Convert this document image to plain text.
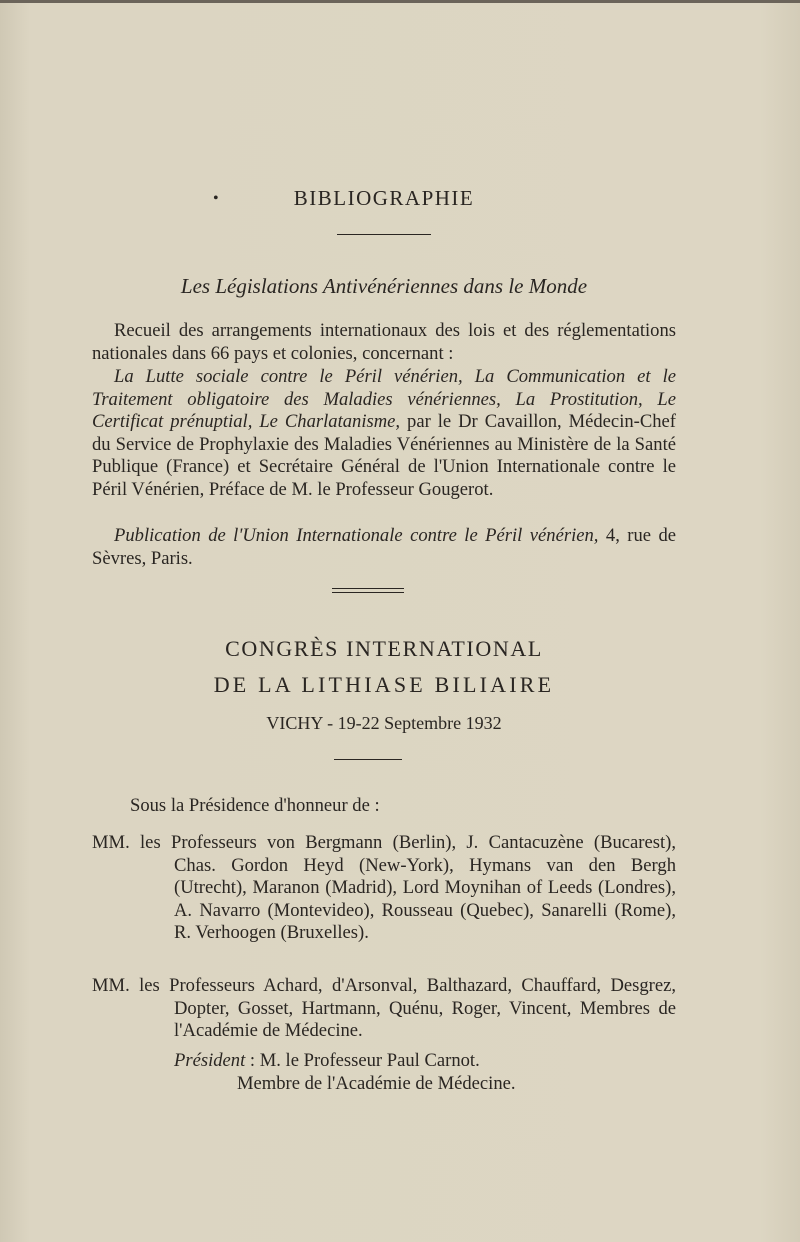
•	BIBLIOGRAPHIE
Les Législations Antivénériennes dans le Monde
Recueil des arrangements internationaux des lois et des réglementations nationales dans 66 pays et colonies, concernant :
La Lutte sociale contre le Péril vénérien, La Communication et le Traitement obligatoire des Maladies vénériennes, La Prostitution, Le Certificat prénuptial, Le Charlatanisme, par le Dr Cavaillon, Médecin-Chef du Service de Prophylaxie des Maladies Vénériennes au Ministère de la Santé Publique (France) et Secrétaire Général de l'Union Internationale contre le Péril Vénérien, Préface de M. le Professeur Gougerot.
Publication de l'Union Internationale contre le Péril vénérien, 4, rue de Sèvres, Paris.
CONGRÈS INTERNATIONAL
DE LA LITHIASE BILIAIRE
VICHY - 19-22 Septembre 1932
Sous la Présidence d'honneur de :
MM. les Professeurs von Bergmann (Berlin), J. Cantacuzène (Bucarest), Chas. Gordon Heyd (New-York), Hymans van den Bergh (Utrecht), Maranon (Madrid), Lord Moynihan of Leeds (Londres), A. Navarro (Montevideo), Rousseau (Quebec), Sanarelli (Rome), R. Verhoogen (Bruxelles).
MM. les Professeurs Achard, d'Arsonval, Balthazard, Chauffard, Desgrez, Dopter, Gosset, Hartmann, Quénu, Roger, Vincent, Membres de l'Académie de Médecine.
Président : M. le Professeur Paul Carnot.
Membre de l'Académie de Médecine.
